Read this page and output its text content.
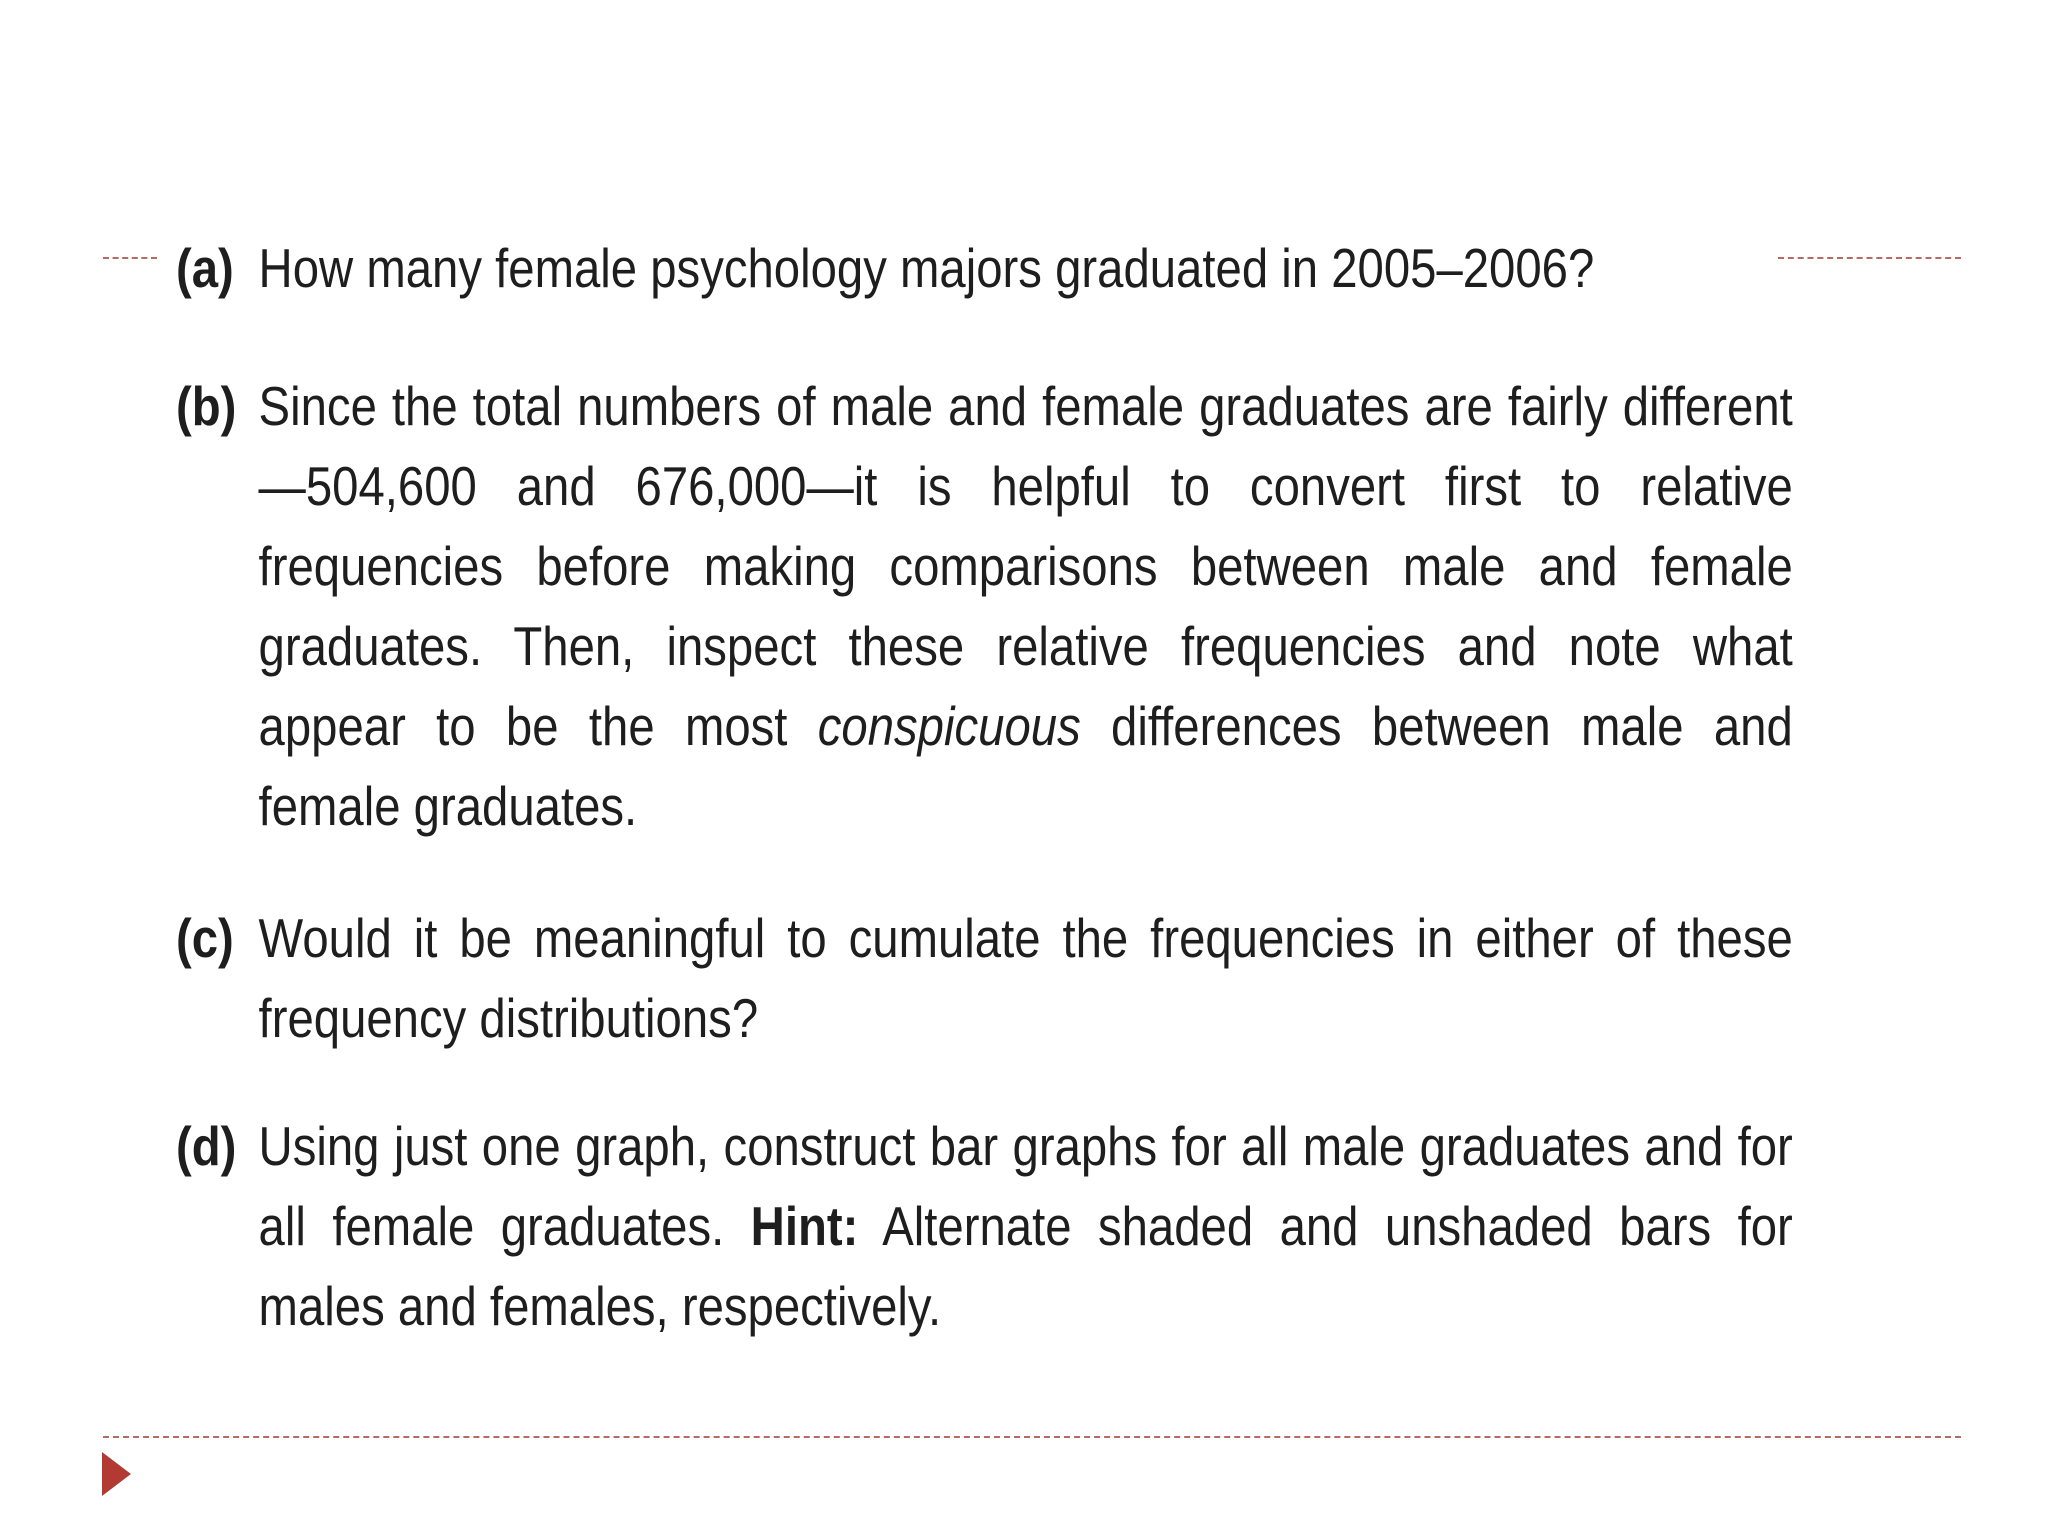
(a) How many female psychology majors graduated in 2005–2006?
(b) Since the total numbers of male and female graduates are fairly different—504,600 and 676,000—it is helpful to convert first to relative frequencies before making comparisons between male and female graduates. Then, inspect these relative frequencies and note what appear to be the most conspicuous differences between male and female graduates.
(c) Would it be meaningful to cumulate the frequencies in either of these frequency distributions?
(d) Using just one graph, construct bar graphs for all male graduates and for all female graduates. Hint: Alternate shaded and unshaded bars for males and females, respectively.
